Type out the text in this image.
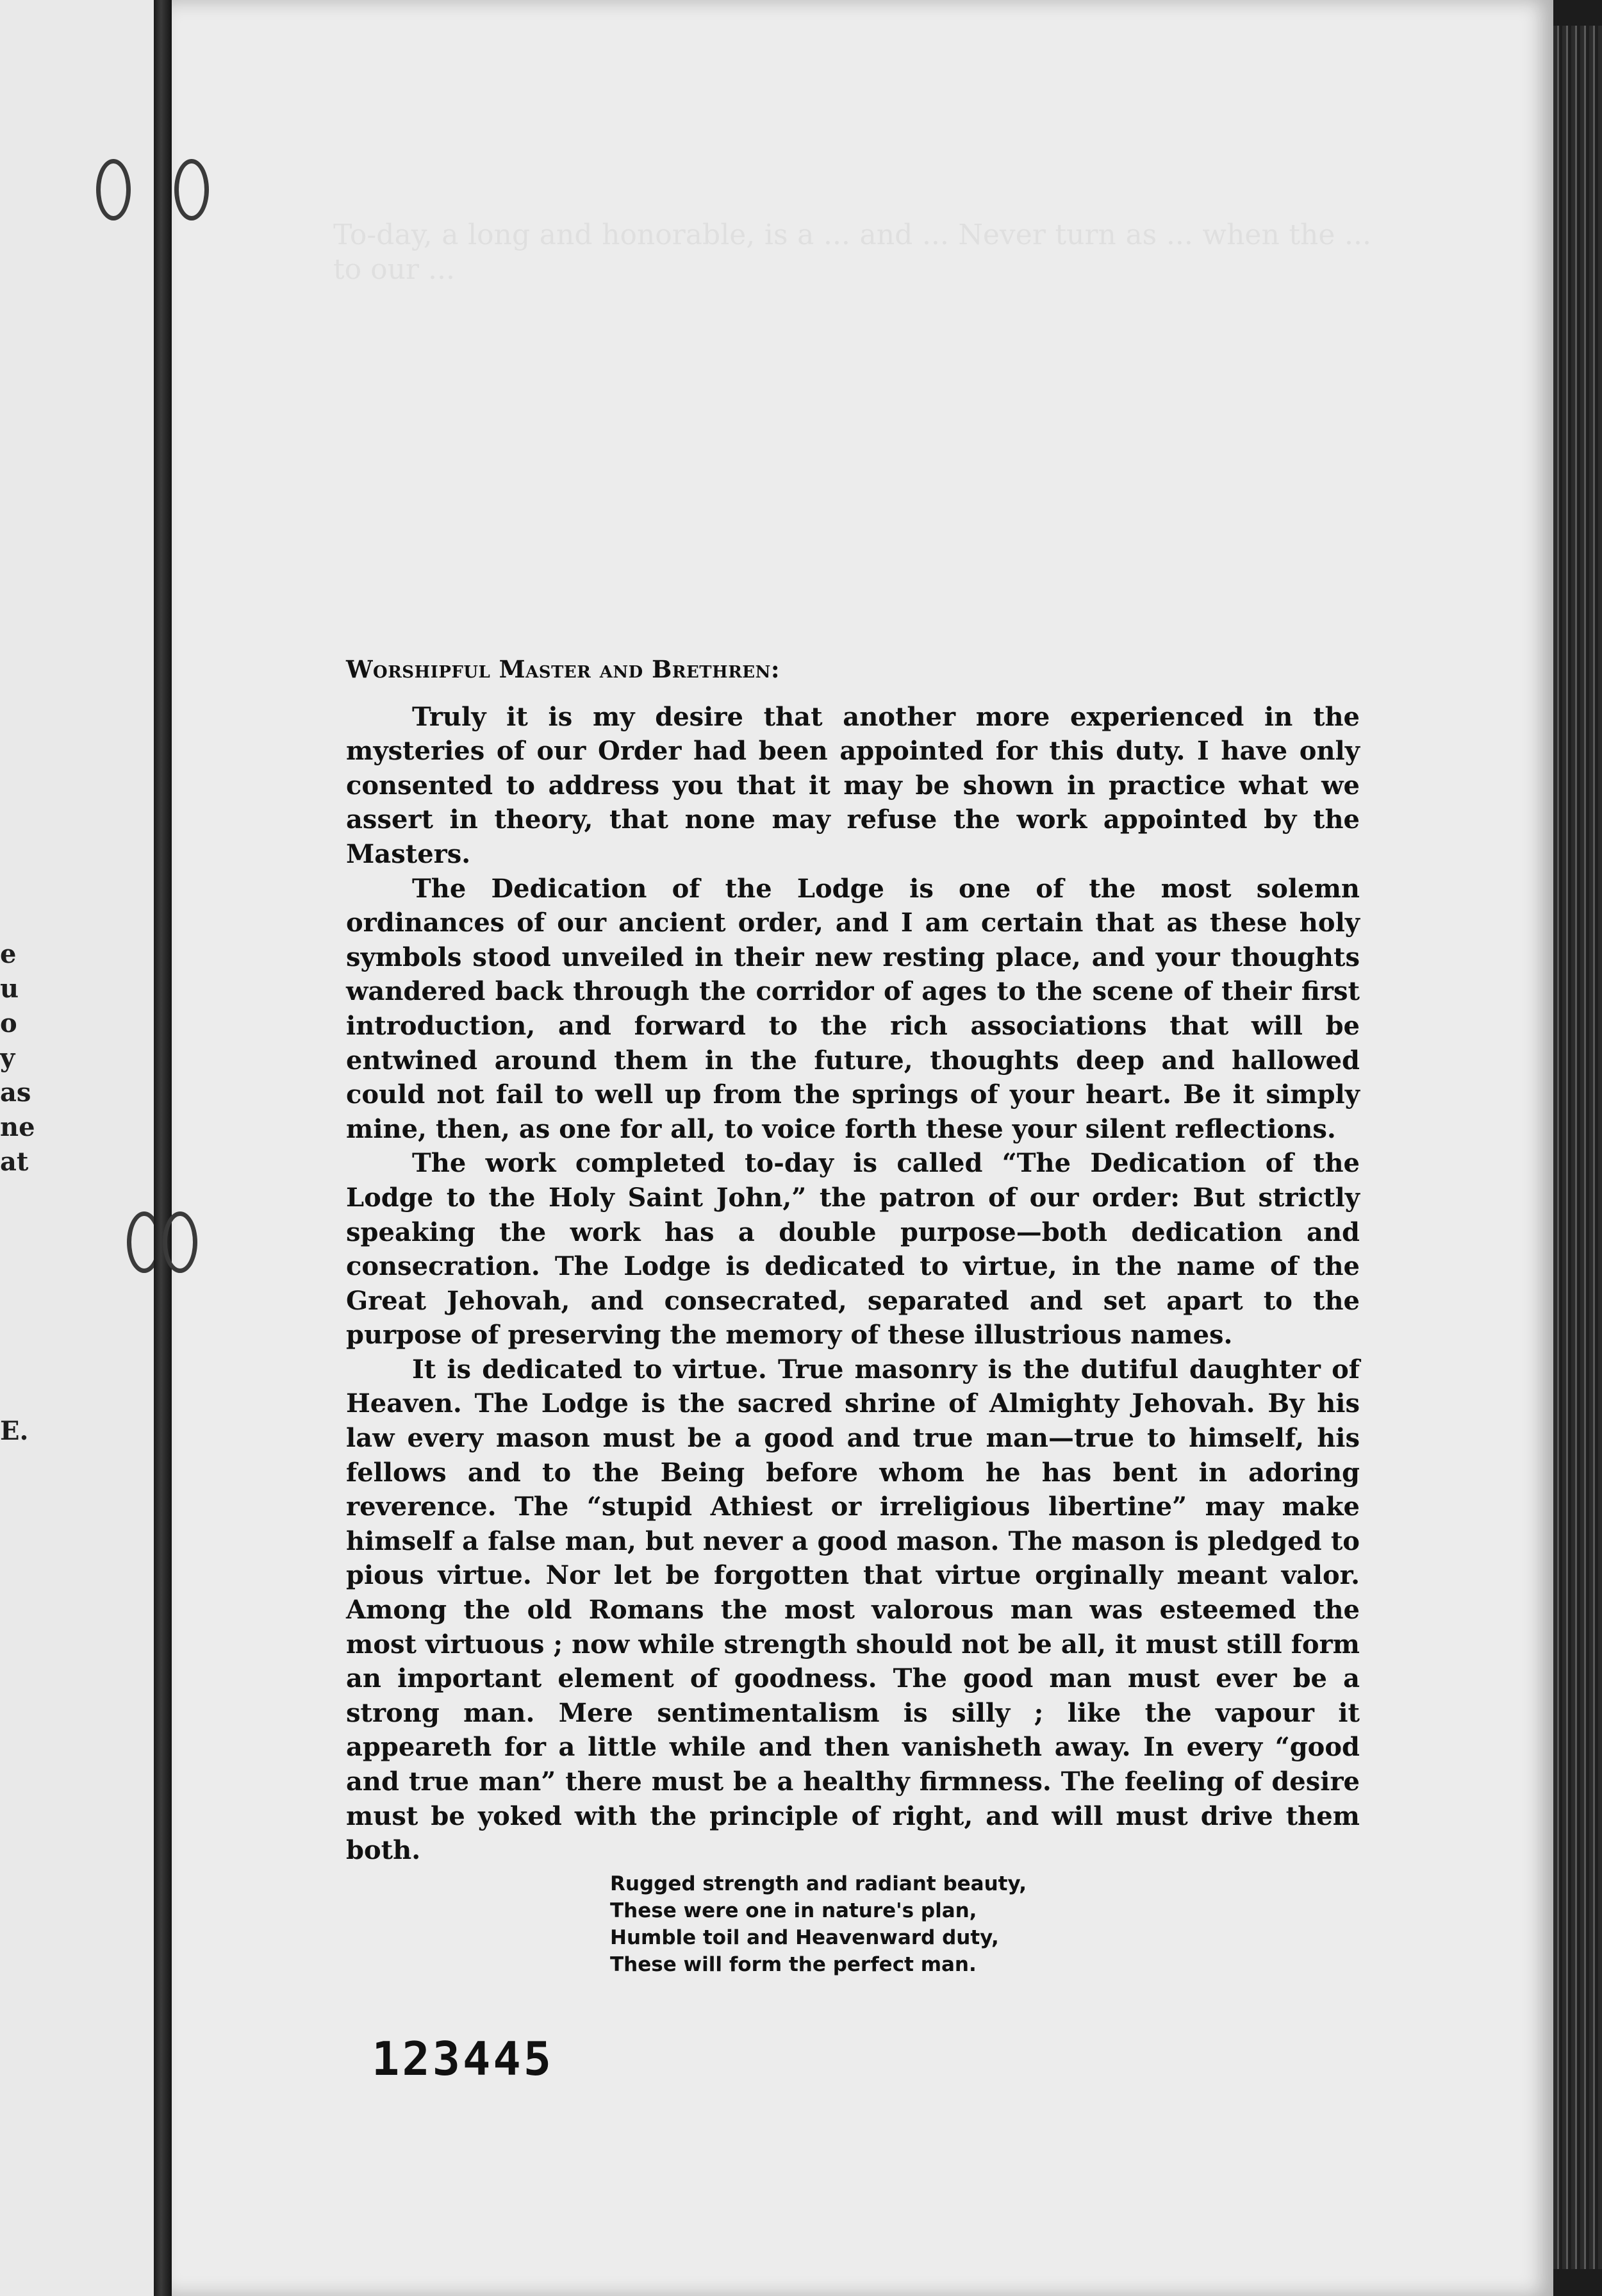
e
u
o
y
as
ne
at
E.
To-day, a long and honorable, is a ... and ... Never turn as ... when the ... to our ...

Worshipful Master and Brethren:

Truly it is my desire that another more experienced in the mysteries of our Order had been appointed for this duty. I have only consented to address you that it may be shown in practice what we assert in theory, that none may refuse the work appointed by the Masters.

The Dedication of the Lodge is one of the most solemn ordinances of our ancient order, and I am certain that as these holy symbols stood unveiled in their new resting place, and your thoughts wandered back through the corridor of ages to the scene of their first introduction, and forward to the rich associations that will be entwined around them in the future, thoughts deep and hallowed could not fail to well up from the springs of your heart. Be it simply mine, then, as one for all, to voice forth these your silent reflections.

The work completed to-day is called “The Dedication of the Lodge to the Holy Saint John,” the patron of our order: But strictly speaking the work has a double purpose—both dedication and consecration. The Lodge is dedicated to virtue, in the name of the Great Jehovah, and consecrated, separated and set apart to the purpose of preserving the memory of these illustrious names.

It is dedicated to virtue. True masonry is the dutiful daughter of Heaven. The Lodge is the sacred shrine of Almighty Jehovah. By his law every mason must be a good and true man—true to himself, his fellows and to the Being before whom he has bent in adoring reverence. The “stupid Athiest or irreligious libertine” may make himself a false man, but never a good mason. The mason is pledged to pious virtue. Nor let be forgotten that virtue orginally meant valor. Among the old Romans the most valorous man was esteemed the most virtuous ; now while strength should not be all, it must still form an important element of goodness. The good man must ever be a strong man. Mere sentimentalism is silly ; like the vapour it appeareth for a little while and then vanisheth away. In every “good and true man” there must be a healthy firmness. The feeling of desire must be yoked with the principle of right, and will must drive them both.

Rugged strength and radiant beauty,
These were one in nature's plan,
Humble toil and Heavenward duty,
These will form the perfect man.
123445
